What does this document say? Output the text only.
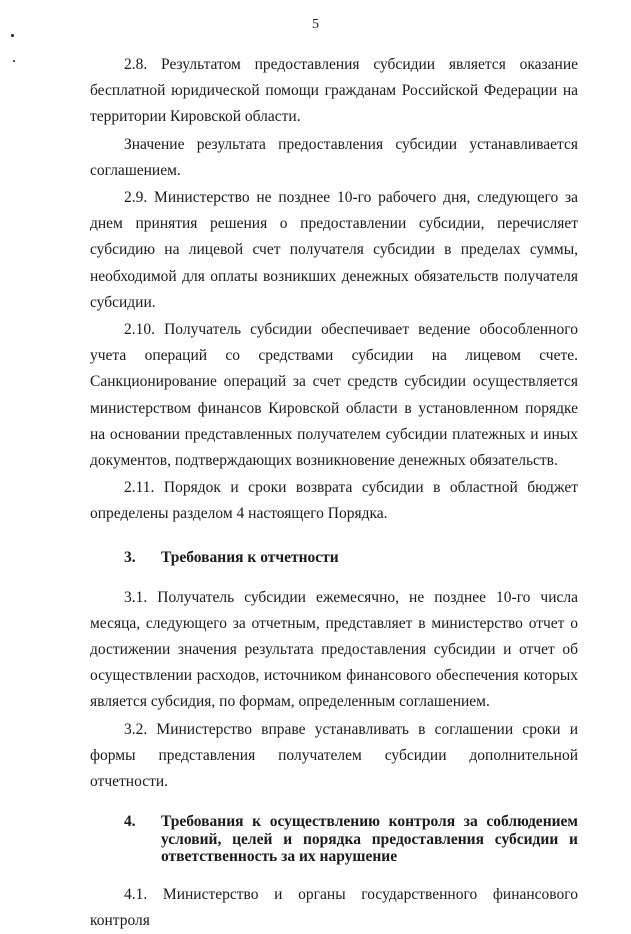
5

2.8. Результатом предоставления субсидии является оказание бесплатной юридической помощи гражданам Российской Федерации на территории Кировской области.

Значение результата предоставления субсидии устанавливается соглашением.

2.9. Министерство не позднее 10-го рабочего дня, следующего за днем принятия решения о предоставлении субсидии, перечисляет субсидию на лицевой счет получателя субсидии в пределах суммы, необходимой для оплаты возникших денежных обязательств получателя субсидии.

2.10. Получатель субсидии обеспечивает ведение обособленного учета операций со средствами субсидии на лицевом счете. Санкционирование операций за счет средств субсидии осуществляется министерством финансов Кировской области в установленном порядке на основании представленных получателем субсидии платежных и иных документов, подтверждающих возникновение денежных обязательств.

2.11. Порядок и сроки возврата субсидии в областной бюджет определены разделом 4 настоящего Порядка.

3.	Требования к отчетности

3.1. Получатель субсидии ежемесячно, не позднее 10-го числа месяца, следующего за отчетным, представляет в министерство отчет о достижении значения результата предоставления субсидии и отчет об осуществлении расходов, источником финансового обеспечения которых является субсидия, по формам, определенным соглашением.

3.2. Министерство вправе устанавливать в соглашении сроки и формы представления получателем субсидии дополнительной отчетности.

4.	Требования к осуществлению контроля за соблюдением условий, целей и порядка предоставления субсидии и ответственность за их нарушение

4.1. Министерство и органы государственного финансового контроля
